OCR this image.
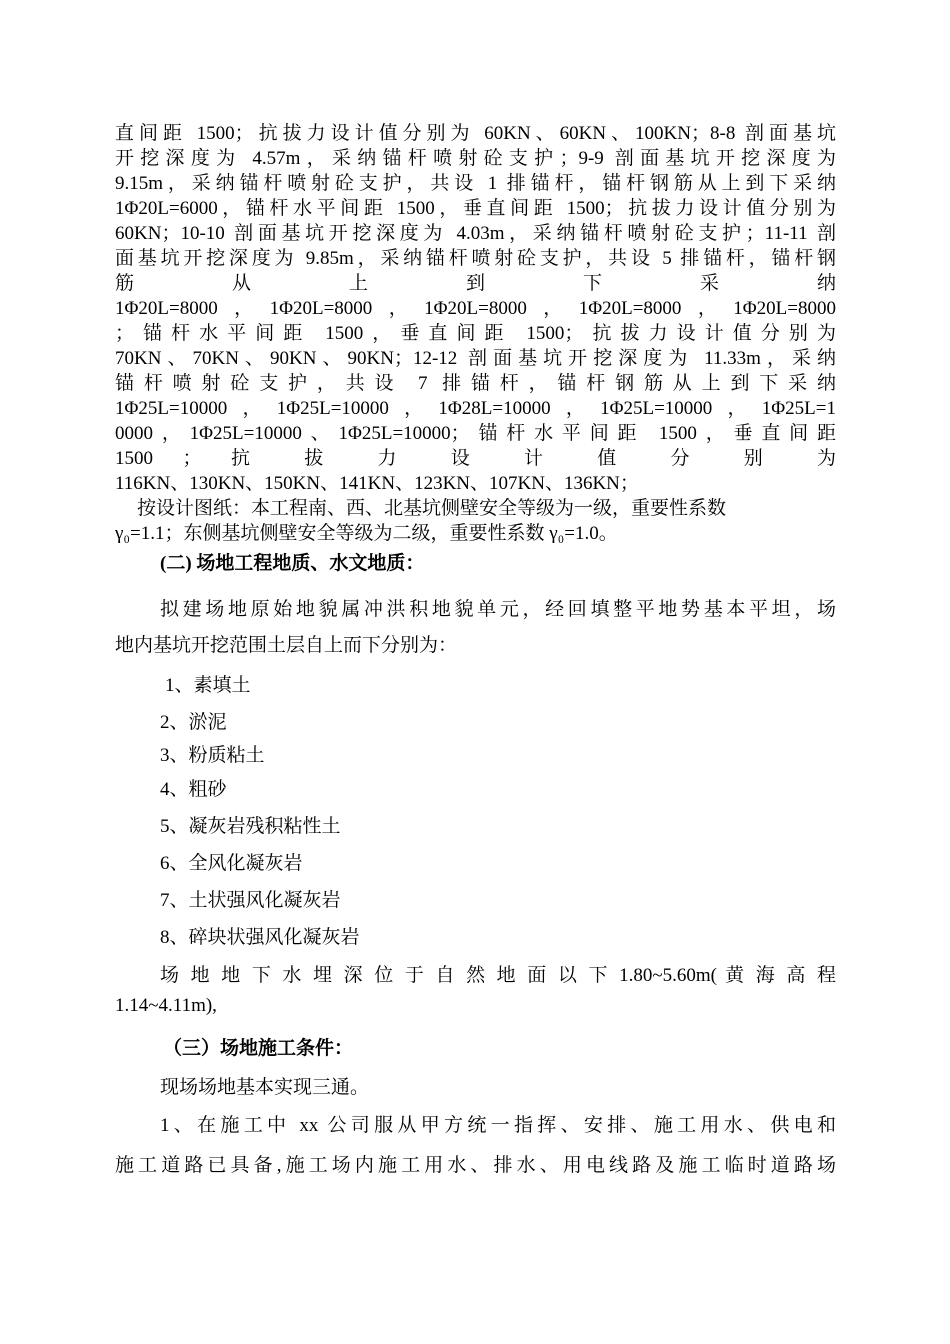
直间距 1500；抗拔力设计值分别为 60KN、60KN、100KN；8-8 剖面基坑
开挖深度为 4.57m，采纳锚杆喷射砼支护；9-9 剖面基坑开挖深度为
9.15m，采纳锚杆喷射砼支护，共设 1 排锚杆，锚杆钢筋从上到下采纳
1Φ20L=6000，锚杆水平间距 1500，垂直间距 1500；抗拔力设计值分别为
60KN；10-10 剖面基坑开挖深度为 4.03m，采纳锚杆喷射砼支护；11-11 剖
面基坑开挖深度为 9.85m，采纳锚杆喷射砼支护，共设 5 排锚杆，锚杆钢
筋 从 上 到 下 采 纳
1Φ20L=8000，1Φ20L=8000，1Φ20L=8000，1Φ20L=8000，1Φ20L=8000
；锚杆水平间距 1500，垂直间距 1500；抗拔力设计值分别为
70KN、70KN、90KN、90KN；12-12 剖面基坑开挖深度为 11.33m，采纳
锚杆喷射砼支护，共设 7 排锚杆，锚杆钢筋从上到下采纳
1Φ25L=10000，1Φ25L=10000，1Φ28L=10000，1Φ25L=10000，1Φ25L=1
0000，1Φ25L=10000、1Φ25L=10000；锚杆水平间距 1500，垂直间距
1500 ； 抗 拔 力 设 计 值 分 别 为
116KN、130KN、150KN、141KN、123KN、107KN、136KN；
按设计图纸：本工程南、西、北基坑侧壁安全等级为一级，重要性系数
γ₀=1.1；东侧基坑侧壁安全等级为二级，重要性系数 γ₀=1.0。
(二) 场地工程地质、水文地质：
拟建场地原始地貌属冲洪积地貌单元，经回填整平地势基本平坦，场
地内基坑开挖范围土层自上而下分别为：
1、素填土
2、淤泥
3、粉质粘土
4、粗砂
5、凝灰岩残积粘性土
6、全风化凝灰岩
7、土状强风化凝灰岩
8、碎块状强风化凝灰岩
场 地 地 下 水 埋 深 位 于 自 然 地 面 以 下 1.80~5.60m( 黄 海 高 程
1.14~4.11m),
（三）场地施工条件：
现场场地基本实现三通。
1、在施工中 xx 公司服从甲方统一指挥、安排、施工用水、供电和
施工道路已具备,施工场内施工用水、排水、用电线路及施工临时道路场
